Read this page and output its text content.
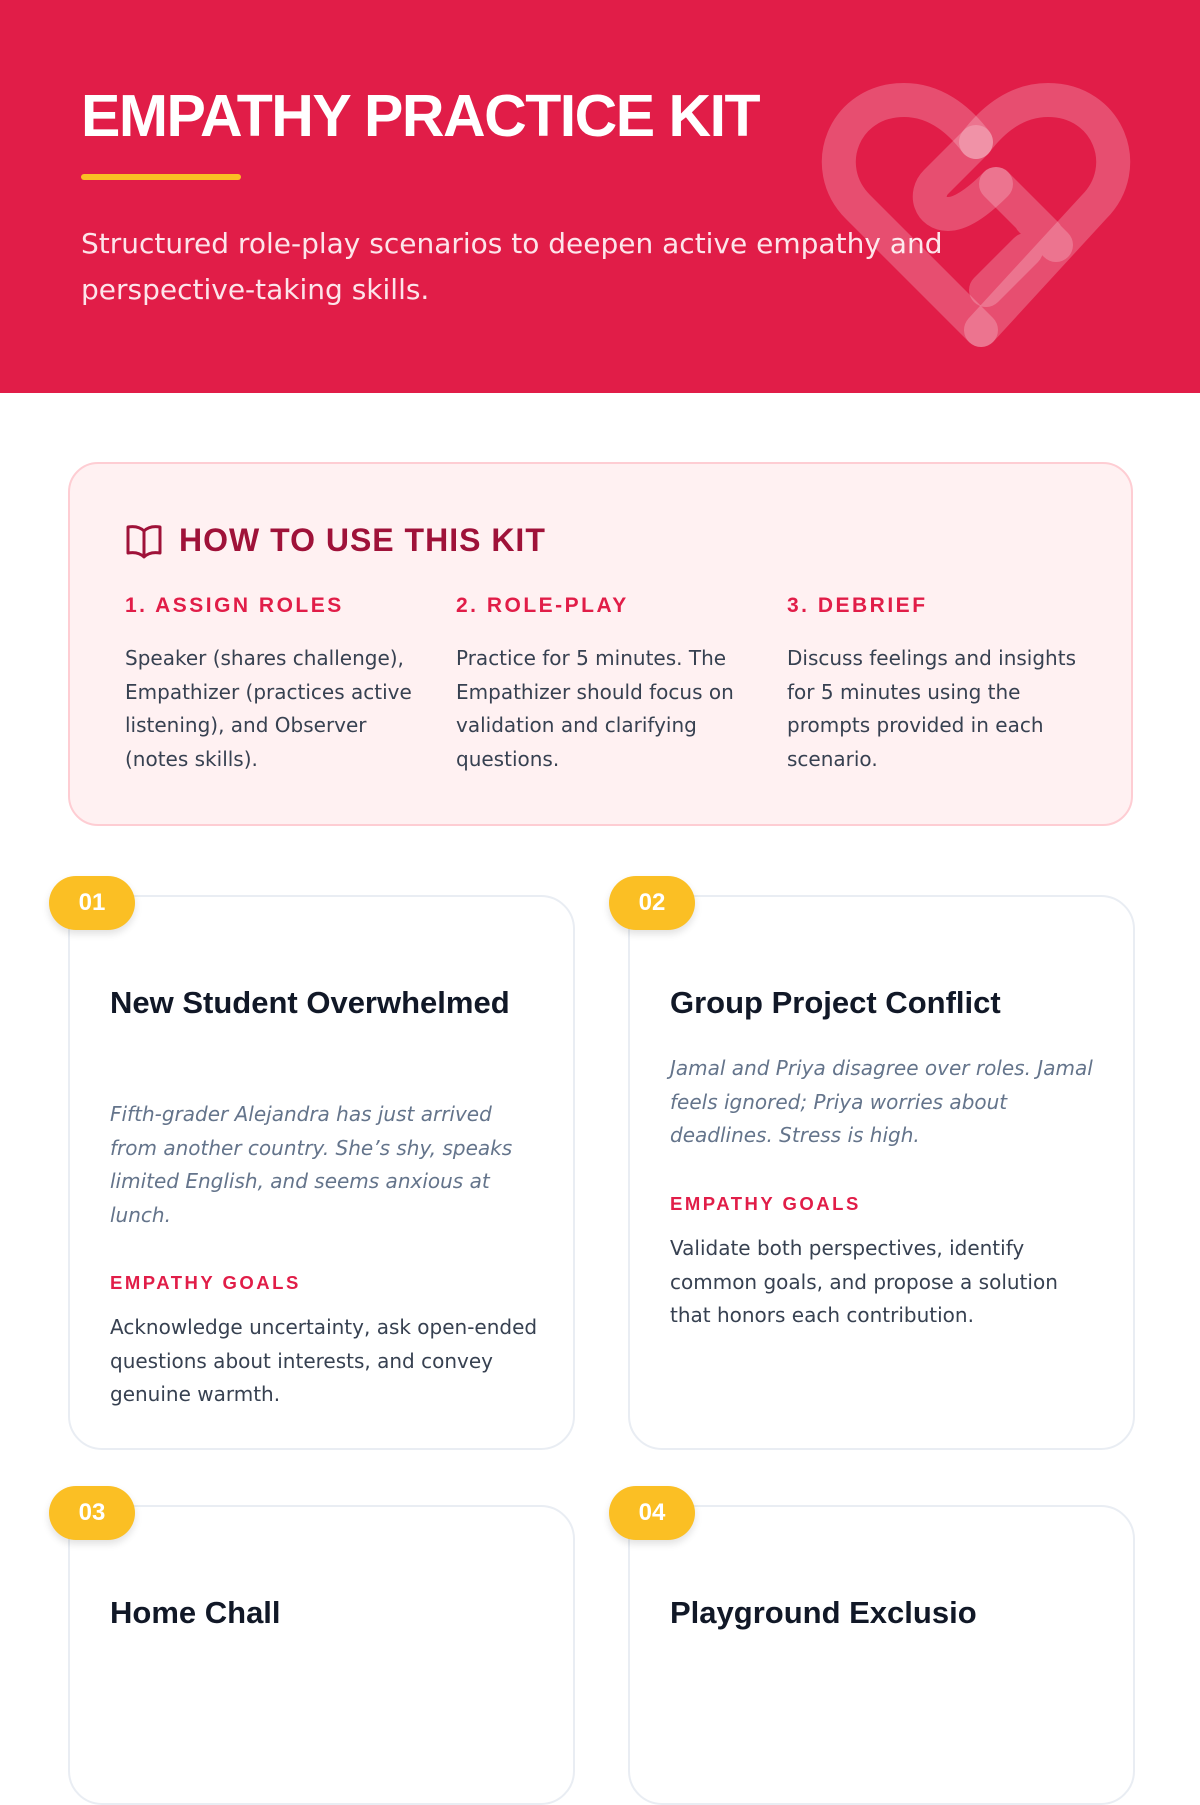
EMPATHY PRACTICE KIT

Structured role-play scenarios to deepen active empathy and perspective-taking skills.

HOW TO USE THIS KIT
1. ASSIGN ROLES

Speaker (shares challenge), Empathizer (practices active listening), and Observer (notes skills).

2. ROLE-PLAY

Practice for 5 minutes. The Empathizer should focus on validation and clarifying questions.

3. DEBRIEF

Discuss feelings and insights for 5 minutes using the prompts provided in each scenario.

New Student Overwhelmed

Fifth-grader Alejandra has just arrived from another country. She’s shy, speaks limited English, and seems anxious at lunch.

EMPATHY GOALS

Acknowledge uncertainty, ask open-ended questions about interests, and convey genuine warmth.

01
Group Project Conflict

Jamal and Priya disagree over roles. Jamal feels ignored; Priya worries about deadlines. Stress is high.

EMPATHY GOALS

Validate both perspectives, identify common goals, and propose a solution that honors each contribution.

02
Home Chall
03
Playground Exclusio
04
